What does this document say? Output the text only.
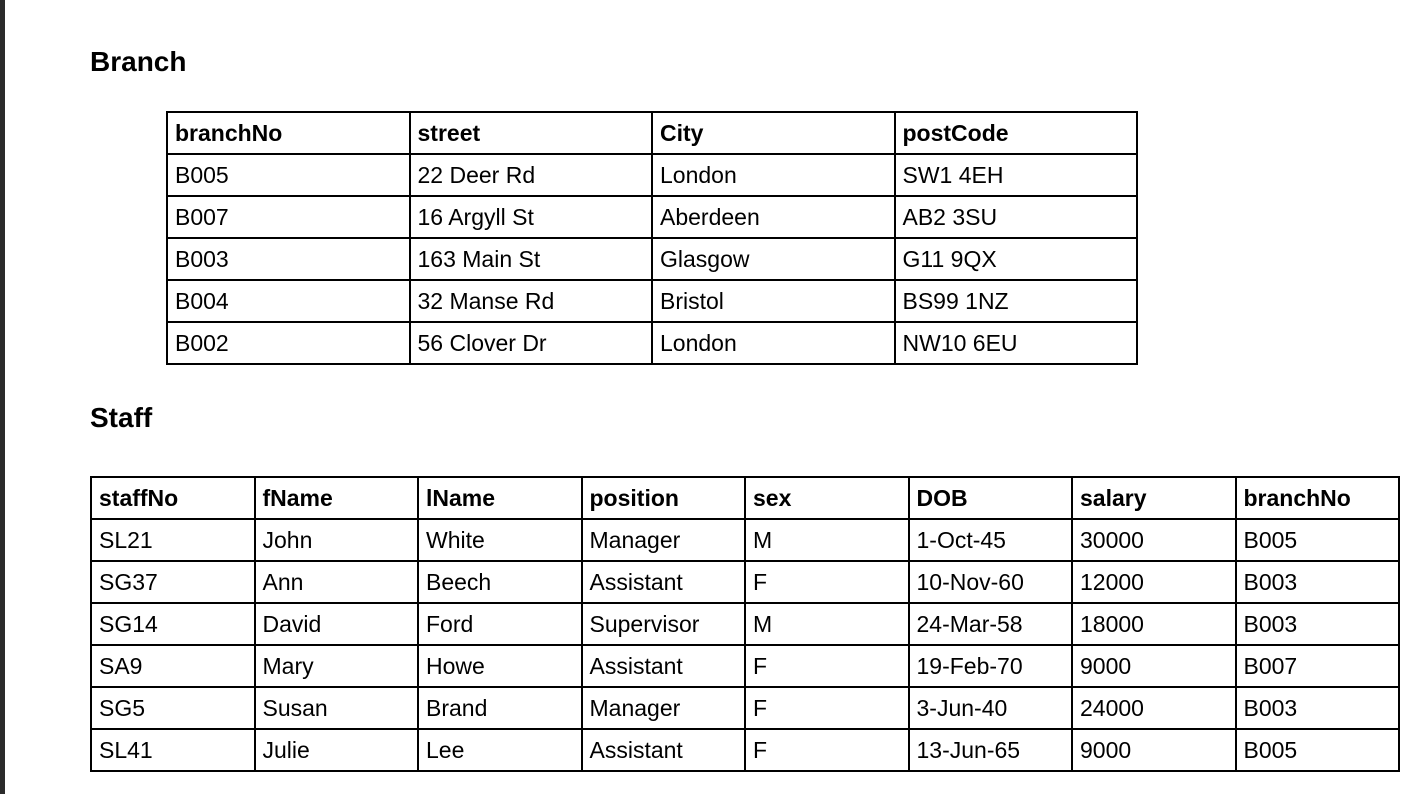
Branch
branchNo	street	City	postCode
B005	22 Deer Rd	London	SW1 4EH
B007	16 Argyll St	Aberdeen	AB2 3SU
B003	163 Main St	Glasgow	G11 9QX
B004	32 Manse Rd	Bristol	BS99 1NZ
B002	56 Clover Dr	London	NW10 6EU
Staff
staffNo	fName	lName	position	sex	DOB	salary	branchNo
SL21	John	White	Manager	M	1-Oct-45	30000	B005
SG37	Ann	Beech	Assistant	F	10-Nov-60	12000	B003
SG14	David	Ford	Supervisor	M	24-Mar-58	18000	B003
SA9	Mary	Howe	Assistant	F	19-Feb-70	9000	B007
SG5	Susan	Brand	Manager	F	3-Jun-40	24000	B003
SL41	Julie	Lee	Assistant	F	13-Jun-65	9000	B005
